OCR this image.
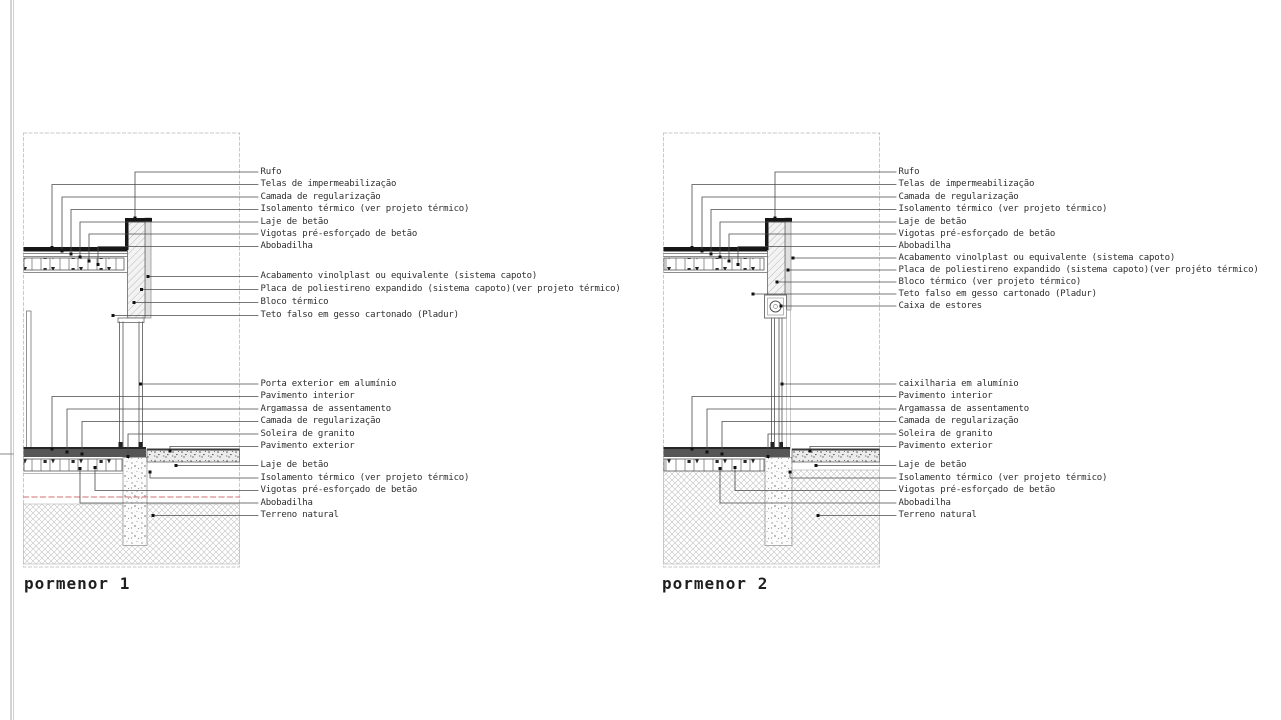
Rufo
Telas de impermeabilização
Camada de regularização
Isolamento térmico (ver projeto térmico)
Laje de betão
Vigotas pré-esforçado de betão
Abobadilha
Acabamento vinolplast ou equivalente (sistema capoto)
Placa de poliestireno expandido (sistema capoto)(ver projeto térmico)
Bloco térmico
Teto falso em gesso cartonado (Pladur)
Porta exterior em alumínio
Pavimento interior
Argamassa de assentamento
Camada de regularização
Soleira de granito
Pavimento exterior
Laje de betão
Isolamento térmico (ver projeto térmico)
Vigotas pré-esforçado de betão
Abobadilha
Terreno natural
Rufo
Telas de impermeabilização
Camada de regularização
Isolamento térmico (ver projeto térmico)
Laje de betão
Vigotas pré-esforçado de betão
Abobadilha
Acabamento vinolplast ou equivalente (sistema capoto)
Placa de poliestireno expandido (sistema capoto)(ver projéto térmico)
Bloco térmico (ver projeto térmico)
Teto falso em gesso cartonado (Pladur)
Caixa de estores
caixilharia em alumínio
Pavimento interior
Argamassa de assentamento
Camada de regularização
Soleira de granito
Pavimento exterior
Laje de betão
Isolamento térmico (ver projeto térmico)
Vigotas pré-esforçado de betão
Abobadilha
Terreno natural
pormenor 1	pormenor 2
